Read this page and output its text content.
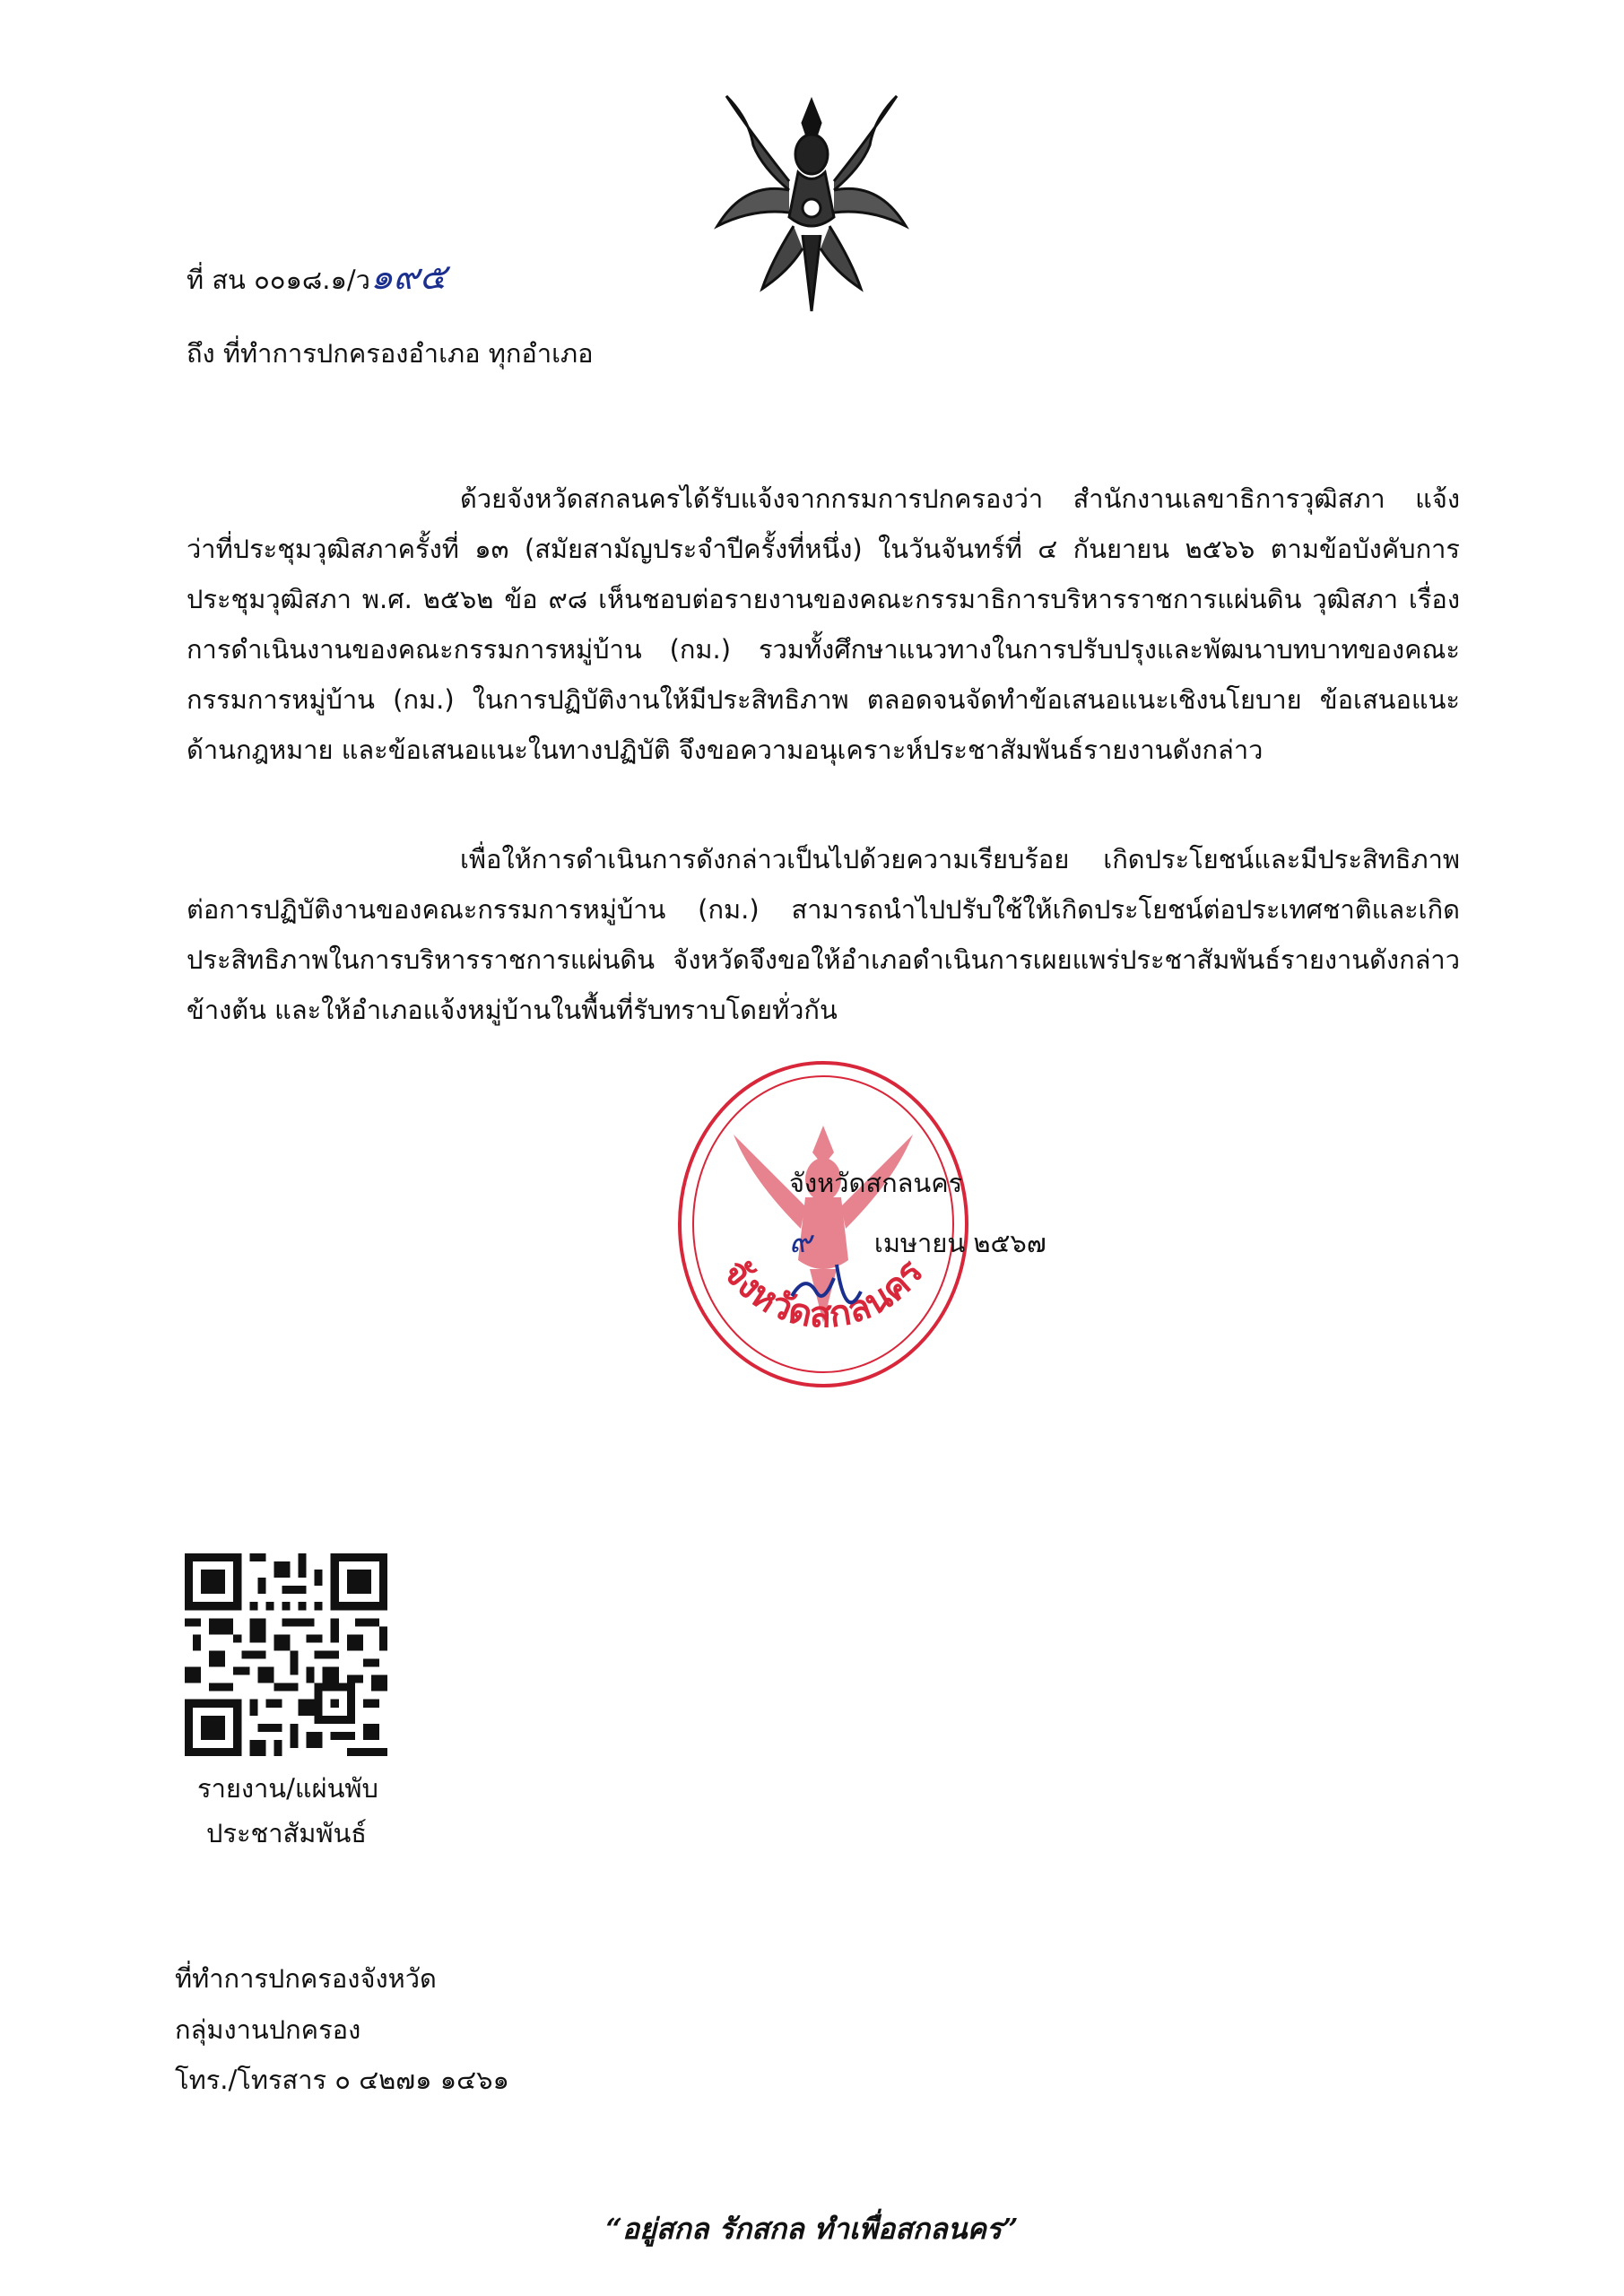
ที่ สน ๐๐๑๘.๑/ว๑๙๕
ถึง ที่ทำการปกครองอำเภอ ทุกอำเภอ
ด้วยจังหวัดสกลนครได้รับแจ้งจากกรมการปกครองว่า สำนักงานเลขาธิการวุฒิสภา แจ้งว่าที่ประชุมวุฒิสภาครั้งที่ ๑๓ (สมัยสามัญประจำปีครั้งที่หนึ่ง) ในวันจันทร์ที่ ๔ กันยายน ๒๕๖๖ ตามข้อบังคับการประชุมวุฒิสภา พ.ศ. ๒๕๖๒ ข้อ ๙๘ เห็นชอบต่อรายงานของคณะกรรมาธิการบริหารราชการแผ่นดิน วุฒิสภา เรื่อง การดำเนินงานของคณะกรรมการหมู่บ้าน (กม.) รวมทั้งศึกษาแนวทางในการปรับปรุงและพัฒนาบทบาทของคณะกรรมการหมู่บ้าน (กม.) ในการปฏิบัติงานให้มีประสิทธิภาพ ตลอดจนจัดทำข้อเสนอแนะเชิงนโยบาย ข้อเสนอแนะด้านกฎหมาย และข้อเสนอแนะในทางปฏิบัติ จึงขอความอนุเคราะห์ประชาสัมพันธ์รายงานดังกล่าว
เพื่อให้การดำเนินการดังกล่าวเป็นไปด้วยความเรียบร้อย เกิดประโยชน์และมีประสิทธิภาพต่อการปฏิบัติงานของคณะกรรมการหมู่บ้าน (กม.) สามารถนำไปปรับใช้ให้เกิดประโยชน์ต่อประเทศชาติและเกิดประสิทธิภาพในการบริหารราชการแผ่นดิน จังหวัดจึงขอให้อำเภอดำเนินการเผยแพร่ประชาสัมพันธ์รายงานดังกล่าวข้างต้น และให้อำเภอแจ้งหมู่บ้านในพื้นที่รับทราบโดยทั่วกัน
จังหวัดสกลนคร
จังหวัดสกลนคร
๙ เมษายน ๒๕๖๗
รายงาน/แผ่นพับ
ประชาสัมพันธ์
ที่ทำการปกครองจังหวัด
กลุ่มงานปกครอง
โทร./โทรสาร ๐ ๔๒๗๑ ๑๔๖๑
“อยู่สกล รักสกล ทำเพื่อสกลนคร”
